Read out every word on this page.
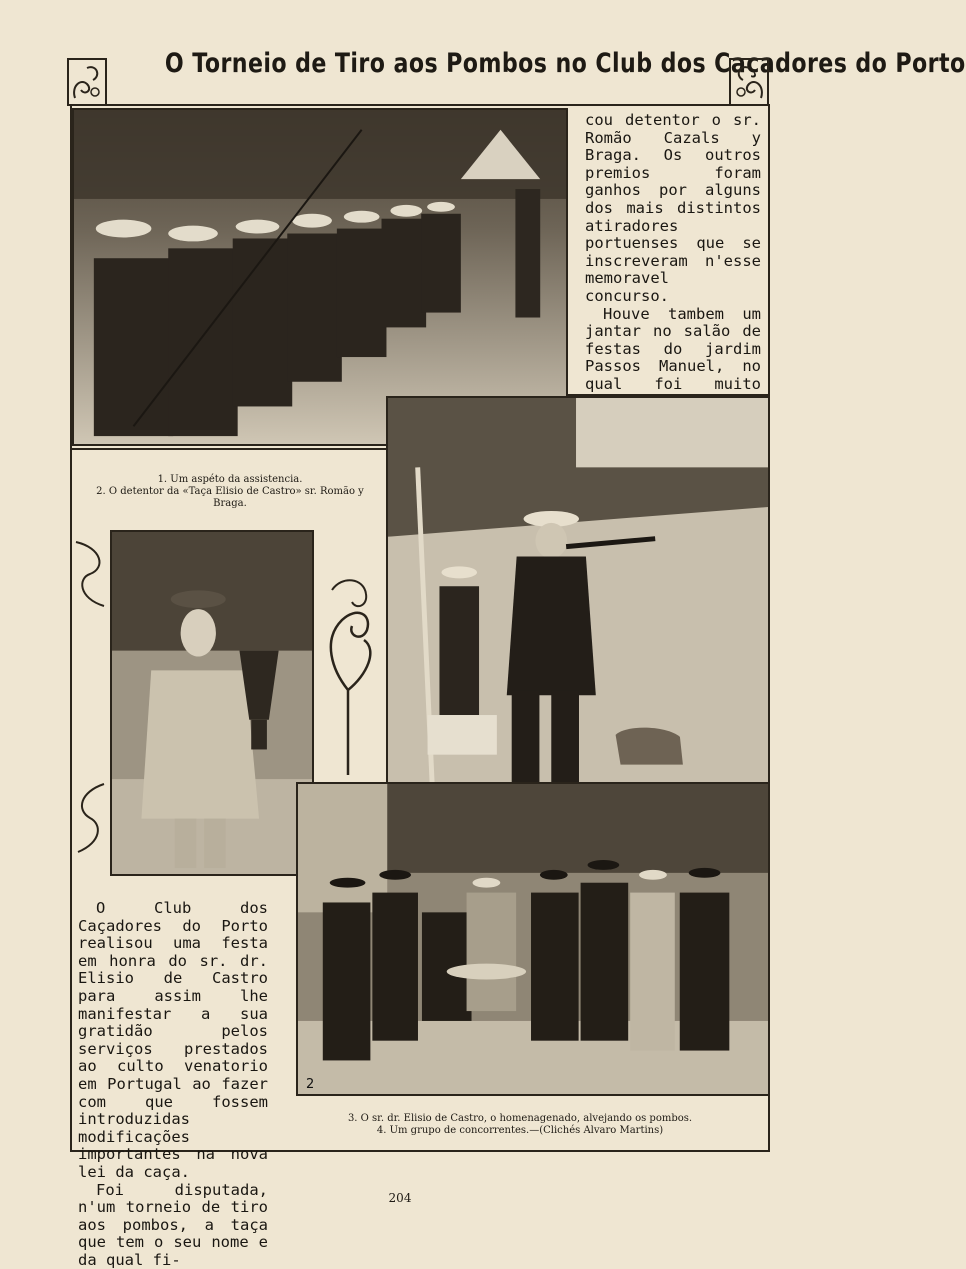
O Torneio de Tiro aos Pombos no Club dos Caçadores do Porto

cou detentor o sr. Romão Cazals y Braga. Os outros premios foram ganhos por alguns dos mais distintos atiradores portuenses que se inscreveram n'esse memoravel concurso.

Houve tambem um jantar no salão de festas do jardim Passos Manuel, no qual foi muito

1. Um aspéto da assistencia.
2. O detentor da «Taça Elisio de Castro» sr. Romão y Braga.
2

O Club dos Caçadores do Porto realisou uma festa em honra do sr. dr. Elisio de Castro para assim lhe manifestar a sua gratidão pelos serviços prestados ao culto venatorio em Portugal ao fazer com que fossem introduzidas modificações importantes na nova lei da caça.

Foi disputada, n'um torneio de tiro aos pombos, a taça que tem o seu nome e da qual fi-

3. O sr. dr. Elisio de Castro, o homenagenado, alvejando os pombos.
4. Um grupo de concorrentes.—(Clichés Alvaro Martins)
204
